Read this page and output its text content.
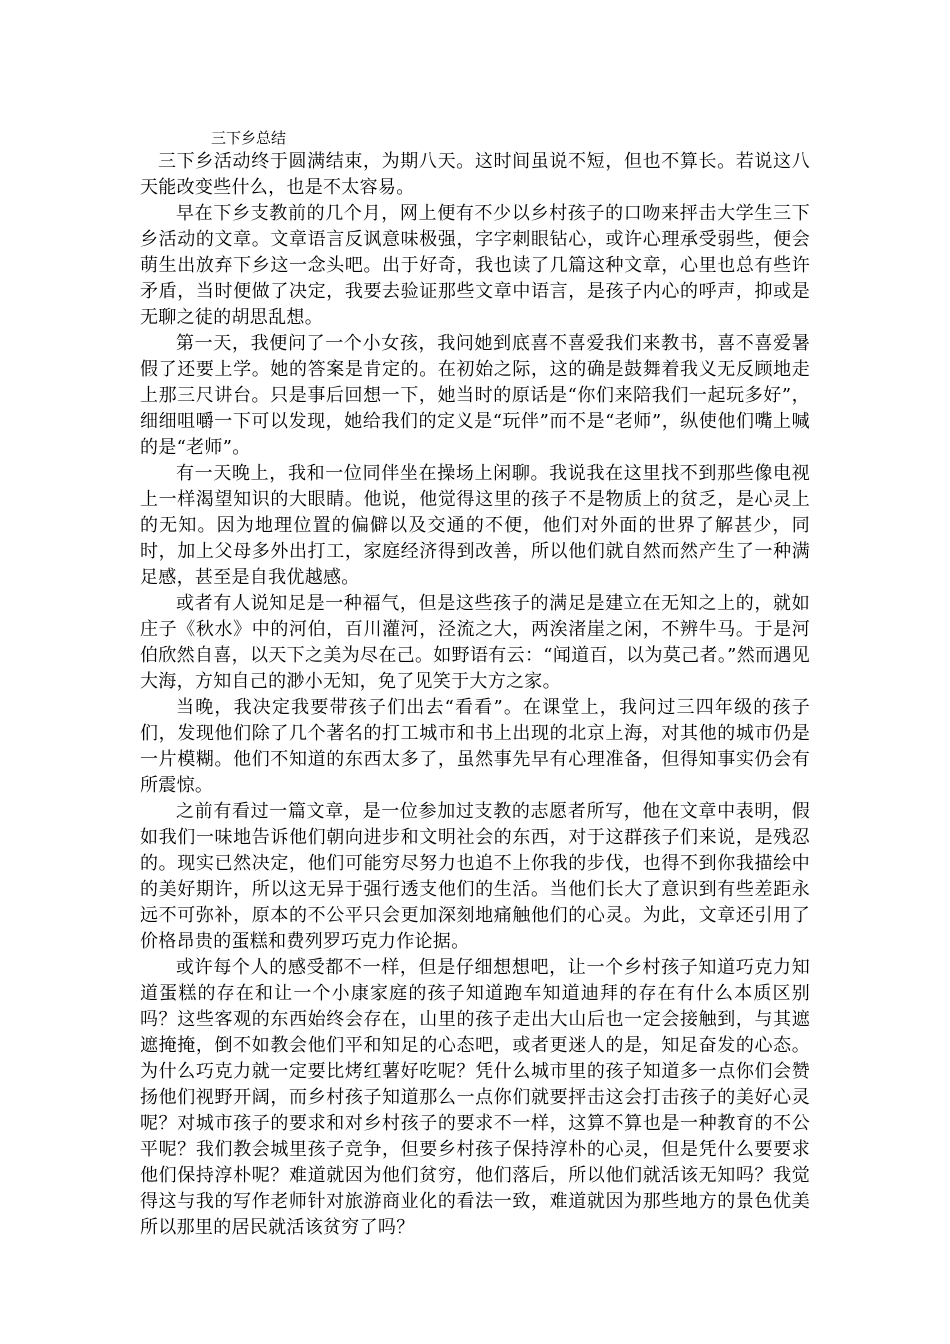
三下乡总结

三下乡活动终于圆满结束，为期八天。这时间虽说不短，但也不算长。若说这八天能改变些什么，也是不太容易。

早在下乡支教前的几个月，网上便有不少以乡村孩子的口吻来抨击大学生三下乡活动的文章。文章语言反讽意味极强，字字刺眼钻心，或许心理承受弱些，便会萌生出放弃下乡这一念头吧。出于好奇，我也读了几篇这种文章，心里也总有些许矛盾，当时便做了决定，我要去验证那些文章中语言，是孩子内心的呼声，抑或是无聊之徒的胡思乱想。

第一天，我便问了一个小女孩，我问她到底喜不喜爱我们来教书，喜不喜爱暑假了还要上学。她的答案是肯定的。在初始之际，这的确是鼓舞着我义无反顾地走上那三尺讲台。只是事后回想一下，她当时的原话是“你们来陪我们一起玩多好”，细细咀嚼一下可以发现，她给我们的定义是“玩伴”而不是“老师”，纵使他们嘴上喊的是“老师”。

有一天晚上，我和一位同伴坐在操场上闲聊。我说我在这里找不到那些像电视上一样渴望知识的大眼睛。他说，他觉得这里的孩子不是物质上的贫乏，是心灵上的无知。因为地理位置的偏僻以及交通的不便，他们对外面的世界了解甚少，同时，加上父母多外出打工，家庭经济得到改善，所以他们就自然而然产生了一种满足感，甚至是自我优越感。

或者有人说知足是一种福气，但是这些孩子的满足是建立在无知之上的，就如庄子《秋水》中的河伯，百川灌河，泾流之大，两涘渚崖之闲，不辨牛马。于是河伯欣然自喜，以天下之美为尽在己。如野语有云：“闻道百，以为莫己者。”然而遇见大海，方知自己的渺小无知，免了见笑于大方之家。

当晚，我决定我要带孩子们出去“看看”。在课堂上，我问过三四年级的孩子们，发现他们除了几个著名的打工城市和书上出现的北京上海，对其他的城市仍是一片模糊。他们不知道的东西太多了，虽然事先早有心理准备，但得知事实仍会有所震惊。

之前有看过一篇文章，是一位参加过支教的志愿者所写，他在文章中表明，假如我们一味地告诉他们朝向进步和文明社会的东西，对于这群孩子们来说，是残忍的。现实已然决定，他们可能穷尽努力也追不上你我的步伐，也得不到你我描绘中的美好期许，所以这无异于强行透支他们的生活。当他们长大了意识到有些差距永远不可弥补，原本的不公平只会更加深刻地痛触他们的心灵。为此，文章还引用了价格昂贵的蛋糕和费列罗巧克力作论据。

或许每个人的感受都不一样，但是仔细想想吧，让一个乡村孩子知道巧克力知道蛋糕的存在和让一个小康家庭的孩子知道跑车知道迪拜的存在有什么本质区别吗？这些客观的东西始终会存在，山里的孩子走出大山后也一定会接触到，与其遮遮掩掩，倒不如教会他们平和知足的心态吧，或者更迷人的是，知足奋发的心态。为什么巧克力就一定要比烤红薯好吃呢？凭什么城市里的孩子知道多一点你们会赞扬他们视野开阔，而乡村孩子知道那么一点你们就要抨击这会打击孩子的美好心灵呢？对城市孩子的要求和对乡村孩子的要求不一样，这算不算也是一种教育的不公平呢？我们教会城里孩子竞争，但要乡村孩子保持淳朴的心灵，但是凭什么要要求他们保持淳朴呢？难道就因为他们贫穷，他们落后，所以他们就活该无知吗？我觉得这与我的写作老师针对旅游商业化的看法一致，难道就因为那些地方的景色优美所以那里的居民就活该贫穷了吗？
